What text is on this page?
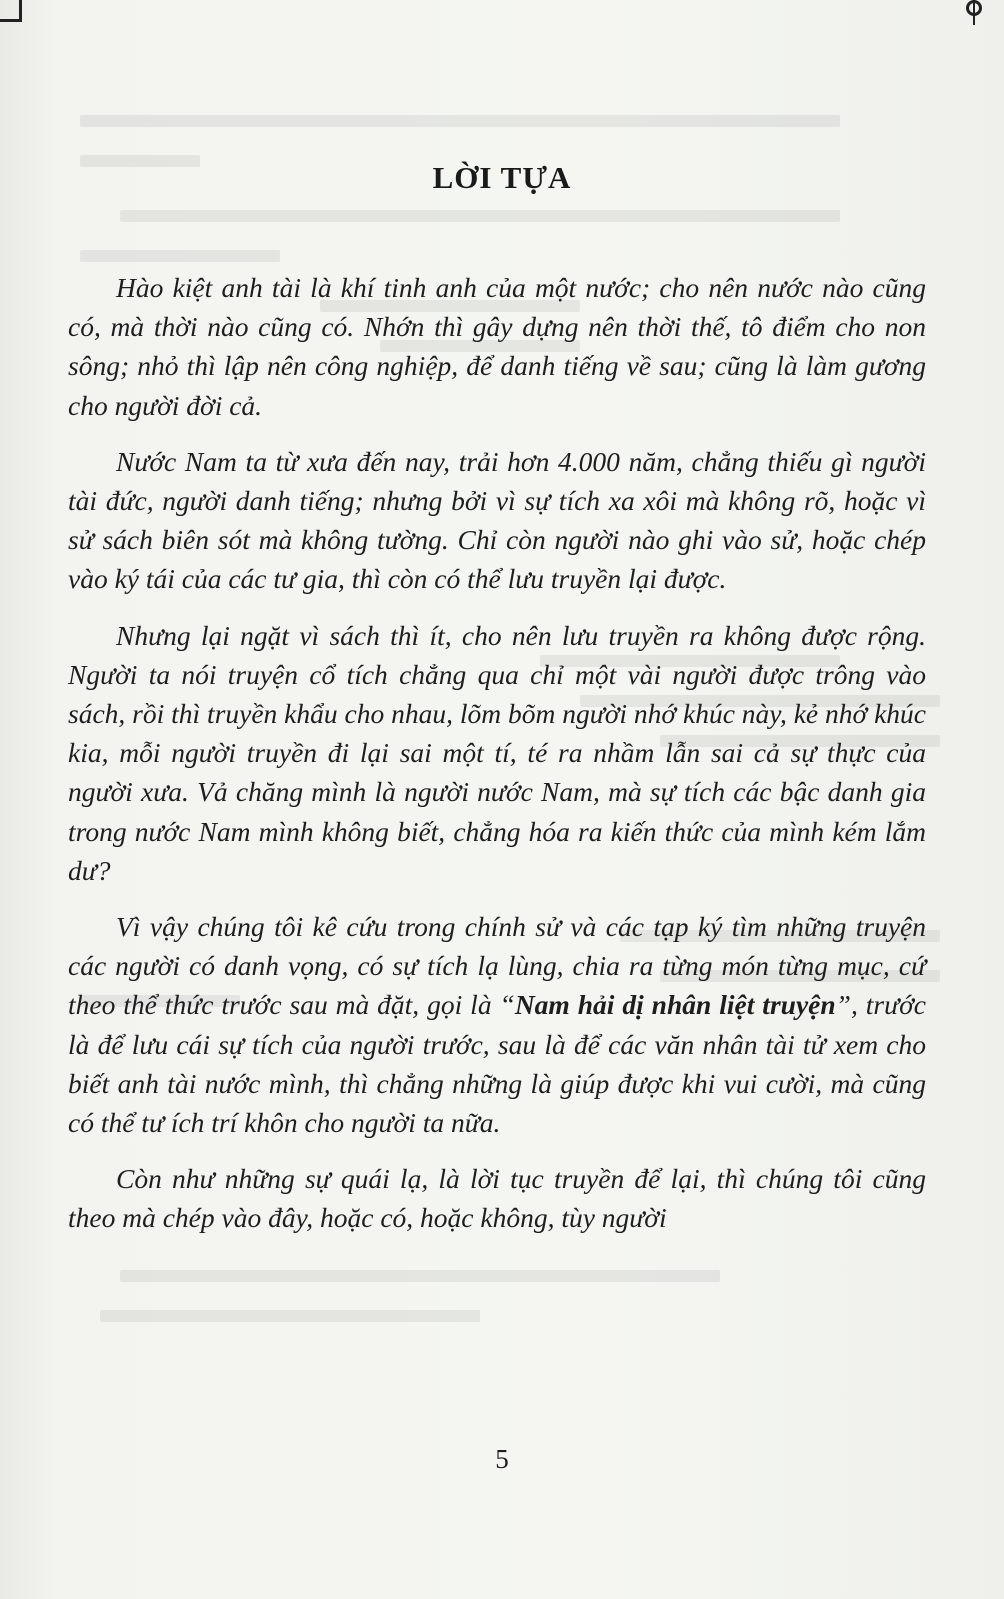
LỜI TỰA

Hào kiệt anh tài là khí tinh anh của một nước; cho nên nước nào cũng có, mà thời nào cũng có. Nhớn thì gây dựng nên thời thế, tô điểm cho non sông; nhỏ thì lập nên công nghiệp, để danh tiếng về sau; cũng là làm gương cho người đời cả.

Nước Nam ta từ xưa đến nay, trải hơn 4.000 năm, chẳng thiếu gì người tài đức, người danh tiếng; nhưng bởi vì sự tích xa xôi mà không rõ, hoặc vì sử sách biên sót mà không tường. Chỉ còn người nào ghi vào sử, hoặc chép vào ký tái của các tư gia, thì còn có thể lưu truyền lại được.

Nhưng lại ngặt vì sách thì ít, cho nên lưu truyền ra không được rộng. Người ta nói truyện cổ tích chẳng qua chỉ một vài người được trông vào sách, rồi thì truyền khẩu cho nhau, lõm bõm người nhớ khúc này, kẻ nhớ khúc kia, mỗi người truyền đi lại sai một tí, té ra nhầm lẫn sai cả sự thực của người xưa. Vả chăng mình là người nước Nam, mà sự tích các bậc danh gia trong nước Nam mình không biết, chẳng hóa ra kiến thức của mình kém lắm dư?

Vì vậy chúng tôi kê cứu trong chính sử và các tạp ký tìm những truyện các người có danh vọng, có sự tích lạ lùng, chia ra từng món từng mục, cứ theo thể thức trước sau mà đặt, gọi là “Nam hải dị nhân liệt truyện”, trước là để lưu cái sự tích của người trước, sau là để các văn nhân tài tử xem cho biết anh tài nước mình, thì chẳng những là giúp được khi vui cười, mà cũng có thể tư ích trí khôn cho người ta nữa.

Còn như những sự quái lạ, là lời tục truyền để lại, thì chúng tôi cũng theo mà chép vào đây, hoặc có, hoặc không, tùy người

5
